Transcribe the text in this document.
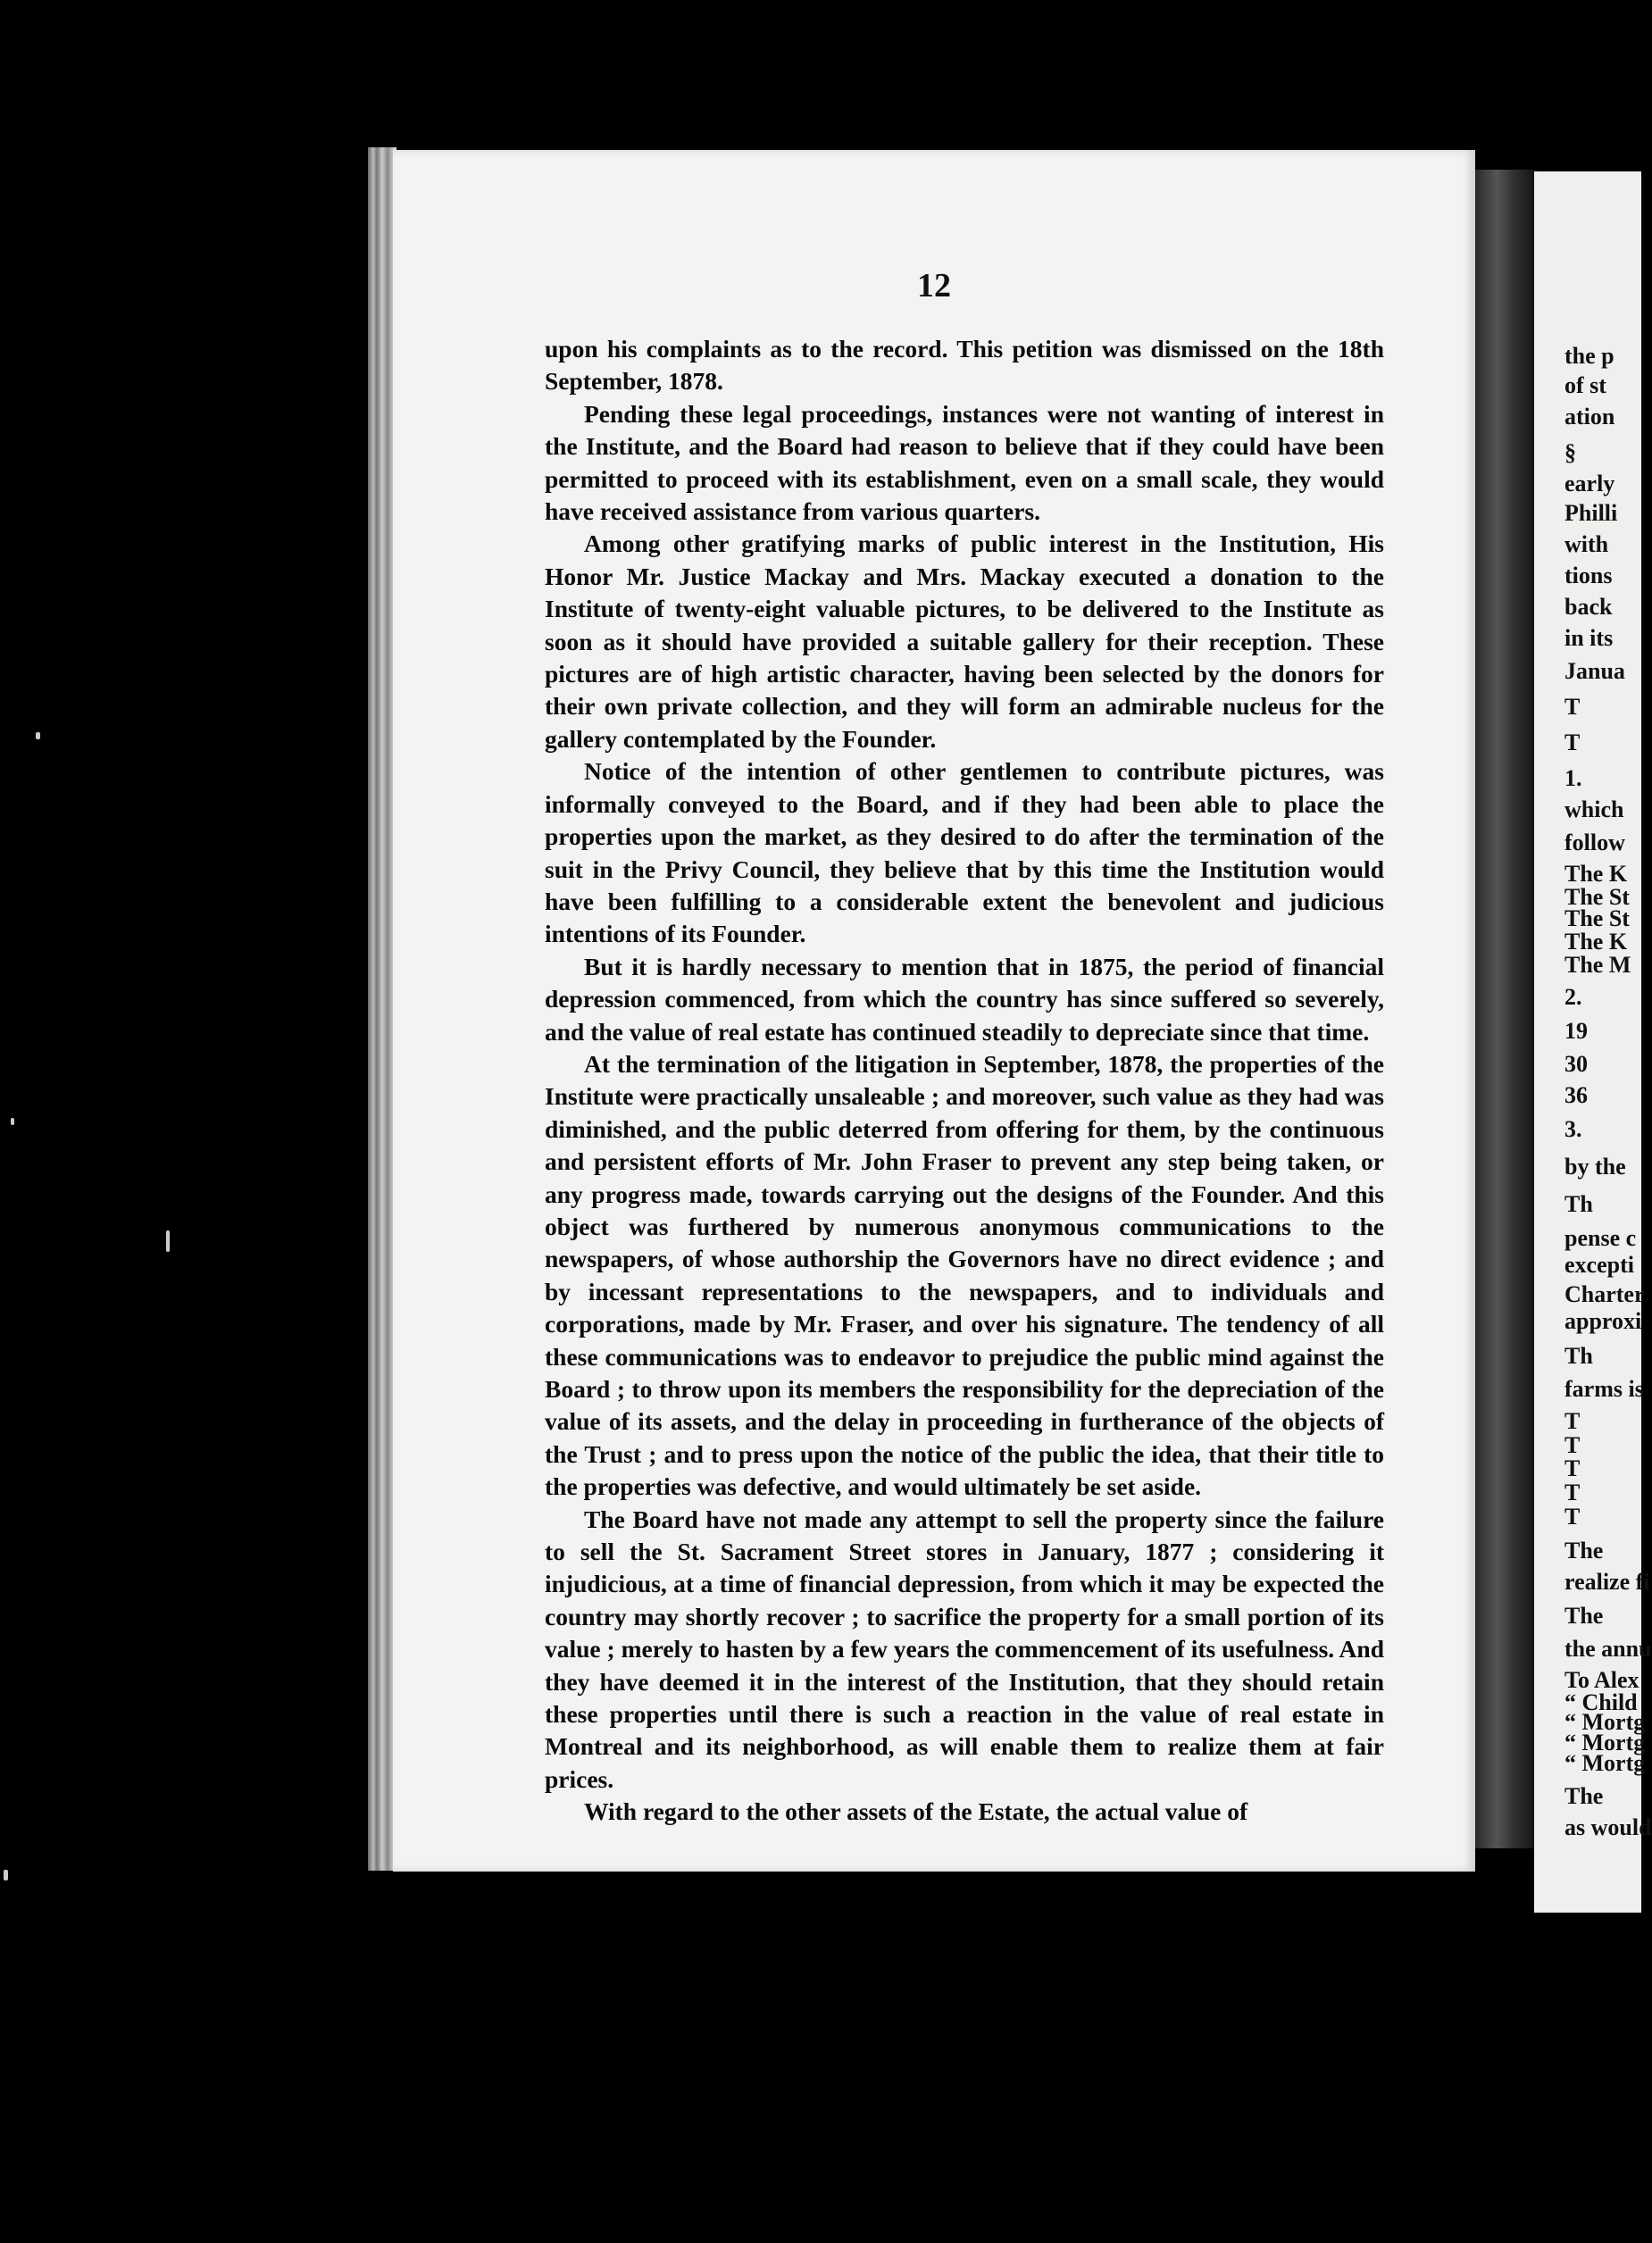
12

upon his complaints as to the record. This petition was dismissed on the 18th September, 1878.

Pending these legal proceedings, instances were not wanting of interest in the Institute, and the Board had reason to believe that if they could have been permitted to proceed with its establishment, even on a small scale, they would have received assistance from various quarters.

Among other gratifying marks of public interest in the Institution, His Honor Mr. Justice Mackay and Mrs. Mackay executed a donation to the Institute of twenty-eight valuable pictures, to be delivered to the Institute as soon as it should have provided a suitable gallery for their reception. These pictures are of high artistic character, having been selected by the donors for their own private collection, and they will form an admirable nucleus for the gallery contemplated by the Founder.

Notice of the intention of other gentlemen to contribute pictures, was informally conveyed to the Board, and if they had been able to place the properties upon the market, as they desired to do after the termination of the suit in the Privy Council, they believe that by this time the Institution would have been fulfilling to a considerable extent the benevolent and judicious intentions of its Founder.

But it is hardly necessary to mention that in 1875, the period of financial depression commenced, from which the country has since suffered so severely, and the value of real estate has continued steadily to depreciate since that time.

At the termination of the litigation in September, 1878, the properties of the Institute were practically unsaleable ; and moreover, such value as they had was diminished, and the public deterred from offering for them, by the continuous and persistent efforts of Mr. John Fraser to prevent any step being taken, or any progress made, towards carrying out the designs of the Founder. And this object was furthered by numerous anonymous communications to the newspapers, of whose authorship the Governors have no direct evidence ; and by incessant representations to the newspapers, and to individuals and corporations, made by Mr. Fraser, and over his signature. The tendency of all these communications was to endeavor to prejudice the public mind against the Board ; to throw upon its members the responsibility for the depreciation of the value of its assets, and the delay in proceeding in furtherance of the objects of the Trust ; and to press upon the notice of the public the idea, that their title to the properties was defective, and would ultimately be set aside.

The Board have not made any attempt to sell the property since the failure to sell the St. Sacrament Street stores in January, 1877 ; considering it injudicious, at a time of financial depression, from which it may be expected the country may shortly recover ; to sacrifice the property for a small portion of its value ; merely to hasten by a few years the commencement of its usefulness. And they have deemed it in the interest of the Institution, that they should retain these properties until there is such a reaction in the value of real estate in Montreal and its neighborhood, as will enable them to realize them at fair prices.

With regard to the other assets of the Estate, the actual value of

the p
of st
ation
§
early
Philli
with
tions
back
in its
Janua
T
T
1.
which
follow
The K
The St
The St
The K
The M
2.
19
30
36
3.
by the
Th
pense c
excepti
Charter
approxi
Th
farms is
T
T
T
T
T
The
realize fi
The
the annu
To Alex
“ Child
“ Mortg
“ Mortg
“ Mortg
The
as would
